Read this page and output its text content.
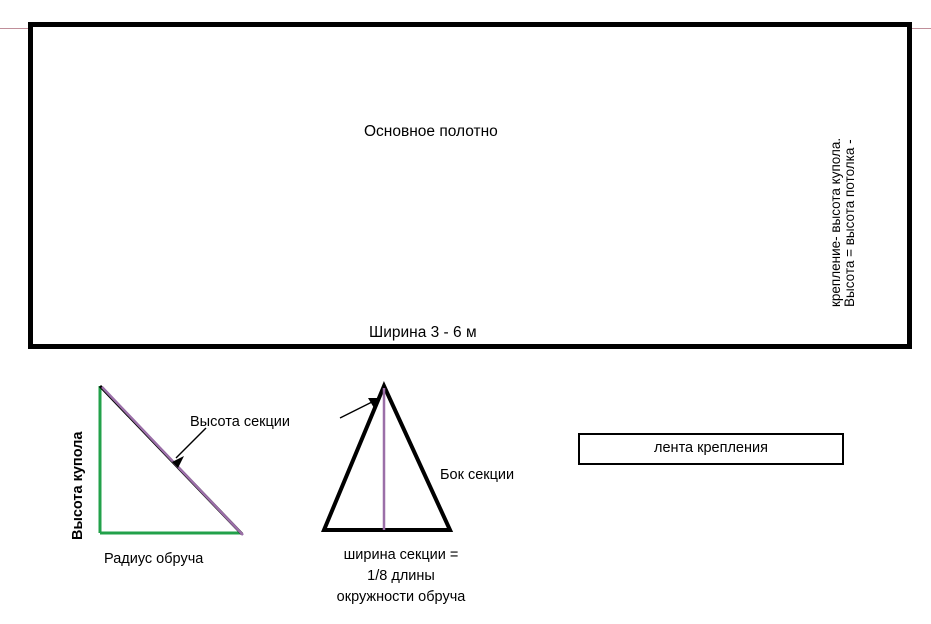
Основное полотно
Ширина 3 - 6 м
Высота = высота потолка -
крепление- высота купола.
Высота купола
Радиус обруча
Высота секции
Бок секции
ширина секции =
1/8 длины
окружности обруча
лента крепления
